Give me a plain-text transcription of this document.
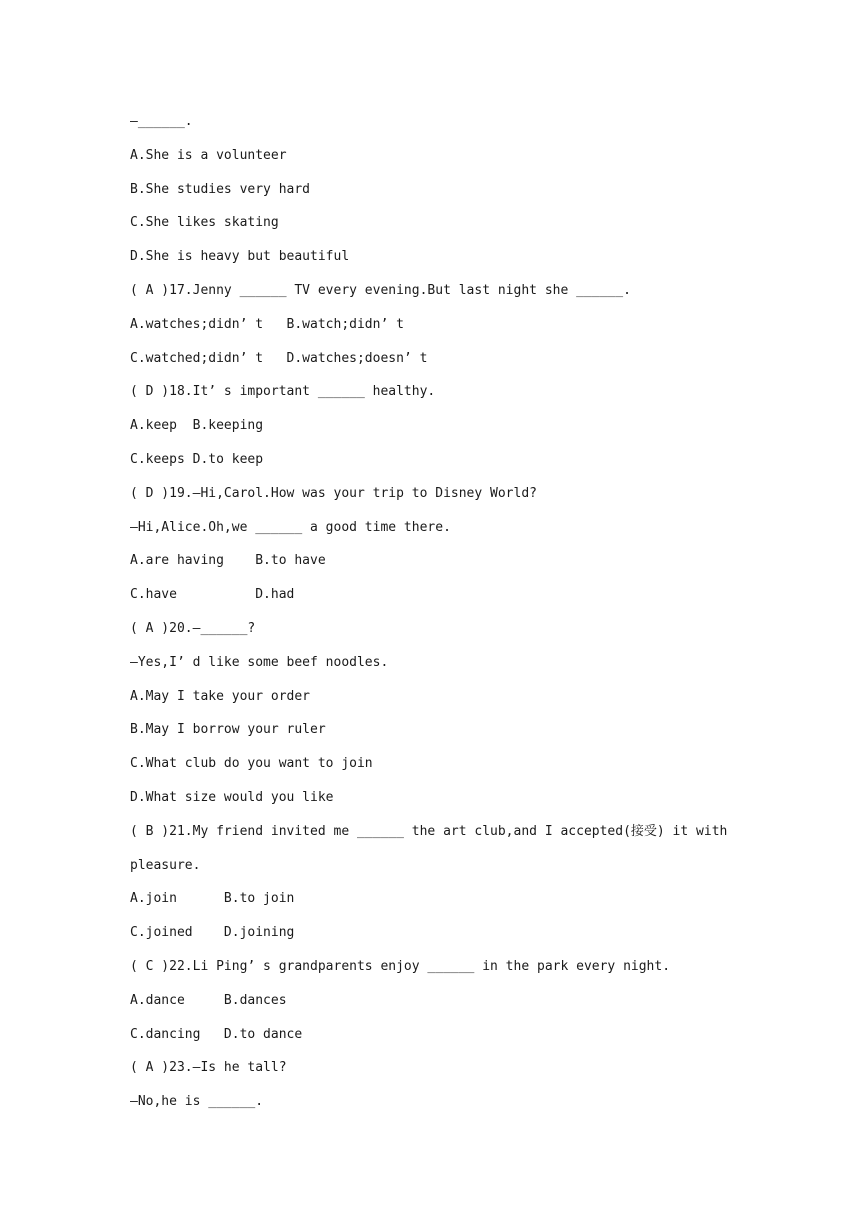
—______.
A.She is a volunteer
B.She studies very hard
C.She likes skating
D.She is heavy but beautiful
( A )17.Jenny ______ TV every evening.But last night she ______.
A.watches;didn’ t   B.watch;didn’ t
C.watched;didn’ t   D.watches;doesn’ t
( D )18.It’ s important ______ healthy.
A.keep  B.keeping
C.keeps D.to keep
( D )19.—Hi,Carol.How was your trip to Disney World?
—Hi,Alice.Oh,we ______ a good time there.
A.are having    B.to have
C.have          D.had
( A )20.—______?
—Yes,I’ d like some beef noodles.
A.May I take your order
B.May I borrow your ruler
C.What club do you want to join
D.What size would you like
( B )21.My friend invited me ______ the art club,and I accepted(接受) it with
pleasure.
A.join      B.to join
C.joined    D.joining
( C )22.Li Ping’ s grandparents enjoy ______ in the park every night.
A.dance     B.dances
C.dancing   D.to dance
( A )23.—Is he tall?
—No,he is ______.
